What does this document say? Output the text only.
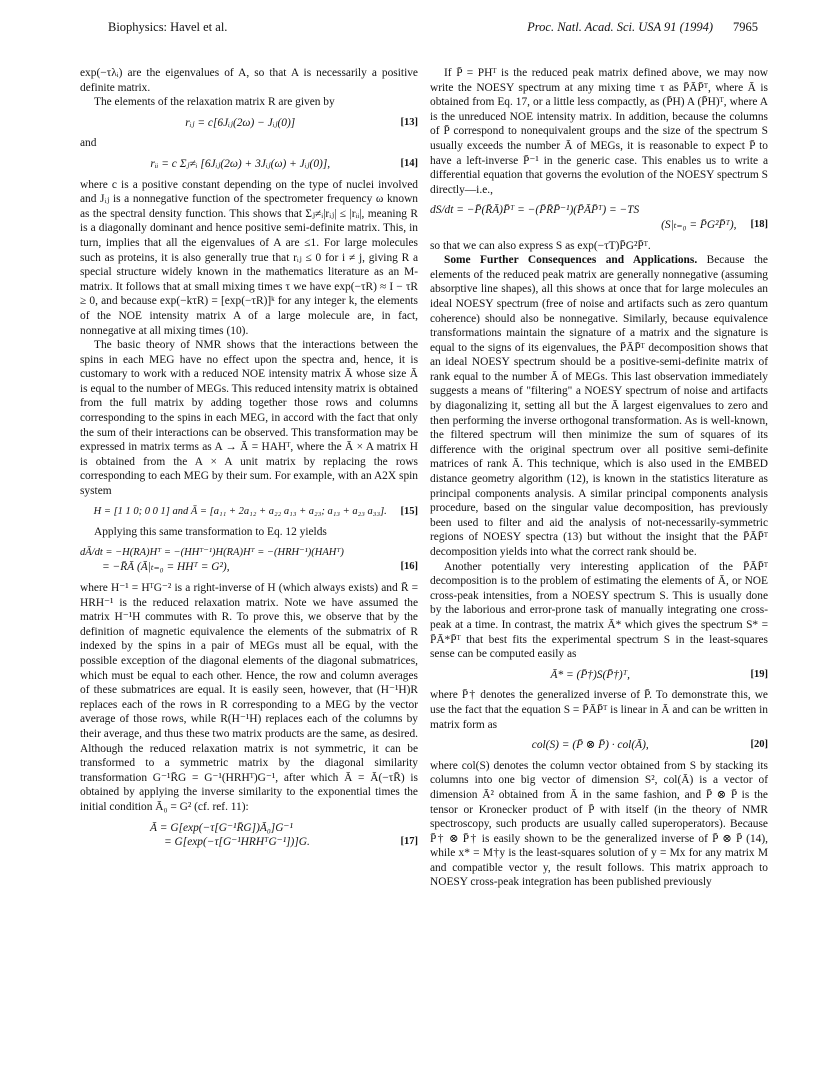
Biophysics: Havel et al.	Proc. Natl. Acad. Sci. USA 91 (1994) 7965

exp(−τλᵢ) are the eigenvalues of A, so that A is necessarily a positive definite matrix.

The elements of the relaxation matrix R are given by

rᵢⱼ = c[6Jᵢⱼ(2ω) − Jᵢⱼ(0)]	[13]

and

rᵢᵢ = c Σⱼ≠ᵢ [6Jᵢⱼ(2ω) + 3Jᵢⱼ(ω) + Jᵢⱼ(0)],	[14]

where c is a positive constant depending on the type of nuclei involved and Jᵢⱼ is a nonnegative function of the spectrometer frequency ω known as the spectral density function. This shows that Σⱼ≠ᵢ|rᵢⱼ| ≤ |rᵢᵢ|, meaning R is a diagonally dominant and hence positive semi-definite matrix. This, in turn, implies that all the eigenvalues of A are ≤1. For large molecules such as proteins, it is also generally true that rᵢⱼ ≤ 0 for i ≠ j, giving R a special structure widely known in the mathematics literature as an M-matrix. It follows that at small mixing times τ we have exp(−τR) ≈ I − τR ≥ 0, and because exp(−kτR) = [exp(−τR)]ᵏ for any integer k, the elements of the NOE intensity matrix A of a large molecule are, in fact, nonnegative at all mixing times (10).

The basic theory of NMR shows that the interactions between the spins in each MEG have no effect upon the spectra and, hence, it is customary to work with a reduced NOE intensity matrix Ā whose size Ā is equal to the number of MEGs. This reduced intensity matrix is obtained from the full matrix by adding together those rows and columns corresponding to the spins in each MEG, in accord with the fact that only the sum of their interactions can be observed. This transformation may be expressed in matrix terms as A → Ā = HAHᵀ, where the Ā × A matrix H is obtained from the A × A unit matrix by replacing the rows corresponding to each MEG by their sum. For example, with an A2X spin system

H = [1 1 0; 0 0 1] and Ā = [a₁₁ + 2a₁₂ + a₂₂ a₁₃ + a₂₃; a₁₃ + a₂₃ a₃₃].	[15]

Applying this same transformation to Eq. 12 yields

dĀ/dt = −H(RA)Hᵀ = −(HHᵀ⁻¹)H(RA)Hᵀ = −(HRH⁻¹)(HAHᵀ)
= −R̄Ā (Ā|ₜ₌₀ = HHᵀ = G²),	[16]

where H⁻¹ = HᵀG⁻² is a right-inverse of H (which always exists) and R̄ = HRH⁻¹ is the reduced relaxation matrix. Note we have assumed the matrix H⁻¹H commutes with R. To prove this, we observe that by the definition of magnetic equivalence the elements of the submatrix of R indexed by the spins in a pair of MEGs must all be equal, with the possible exception of the diagonal elements of the diagonal submatrices, which must be equal to each other. Hence, the row and column averages of these submatrices are equal. It is easily seen, however, that (H⁻¹H)R replaces each of the rows in R corresponding to a MEG by the vector average of those rows, while R(H⁻¹H) replaces each of the columns by their average, and thus these two matrix products are the same, as desired. Although the reduced relaxation matrix is not symmetric, it can be transformed to a symmetric matrix by the diagonal similarity transformation G⁻¹R̄G = G⁻¹(HRHᵀ)G⁻¹, after which Ā = Ā(−τR̄) is obtained by applying the inverse similarity to the exponential times the initial condition Ā₀ = G² (cf. ref. 11):

Ā = G[exp(−τ[G⁻¹R̄G])Ā₀]G⁻¹
= G[exp(−τ[G⁻¹HRHᵀG⁻¹])]G.	[17]

If P̄ = PHᵀ is the reduced peak matrix defined above, we may now write the NOESY spectrum at any mixing time τ as P̄ĀP̄ᵀ, where Ā is obtained from Eq. 17, or a little less compactly, as (P̄H) A (P̄H)ᵀ, where A is the unreduced NOE intensity matrix. In addition, because the columns of P̄ correspond to nonequivalent groups and the size of the spectrum S usually exceeds the number Ā of MEGs, it is reasonable to expect P̄ to have a left-inverse P̄⁻¹ in the generic case. This enables us to write a differential equation that governs the evolution of the NOESY spectrum S directly—i.e.,

dS/dt = −P̄(R̄Ā)P̄ᵀ = −(P̄R̄P̄⁻¹)(P̄ĀP̄ᵀ) = −TS
(S|ₜ₌₀ = P̄G²P̄ᵀ),	[18]

so that we can also express S as exp(−τT)P̄G²P̄ᵀ.

Some Further Consequences and Applications. Because the elements of the reduced peak matrix are generally nonnegative (assuming absorptive line shapes), all this shows at once that for large molecules an ideal NOESY spectrum (free of noise and artifacts such as zero quantum coherence) should also be nonnegative. Similarly, because equivalence transformations maintain the signature of a matrix and the signature is equal to the signs of its eigenvalues, the P̄ĀP̄ᵀ decomposition shows that an ideal NOESY spectrum should be a positive-semi-definite matrix of rank equal to the number Ā of MEGs. This last observation immediately suggests a means of "filtering" a NOESY spectrum of noise and artifacts by diagonalizing it, setting all but the Ā largest eigenvalues to zero and then performing the inverse orthogonal transformation. As is well-known, the filtered spectrum will then minimize the sum of squares of its difference with the original spectrum over all positive semi-definite matrices of rank Ā. This technique, which is also used in the EMBED distance geometry algorithm (12), is known in the statistics literature as principal components analysis. A similar principal components analysis procedure, based on the singular value decomposition, has previously been used to filter and aid the analysis of not-necessarily-symmetric regions of NOESY spectra (13) but without the insight that the P̄ĀP̄ᵀ decomposition yields into what the correct rank should be.

Another potentially very interesting application of the P̄ĀP̄ᵀ decomposition is to the problem of estimating the elements of Ā, or NOE cross-peak intensities, from a NOESY spectrum S. This is usually done by the laborious and error-prone task of manually integrating one cross-peak at a time. In contrast, the matrix Ā* which gives the spectrum S* = P̄Ā*P̄ᵀ that best fits the experimental spectrum S in the least-squares sense can be computed easily as

Ā* = (P̄†)S(P̄†)ᵀ,	[19]

where P̄† denotes the generalized inverse of P̄. To demonstrate this, we use the fact that the equation S = P̄ĀP̄ᵀ is linear in Ā and can be written in matrix form as

col(S) = (P̄ ⊗ P̄) · col(Ā),	[20]

where col(S) denotes the column vector obtained from S by stacking its columns into one big vector of dimension S², col(Ā) is a vector of dimension Ā² obtained from Ā in the same fashion, and P̄ ⊗ P̄ is the tensor or Kronecker product of P̄ with itself (in the theory of NMR spectroscopy, such products are usually called superoperators). Because P̄† ⊗ P̄† is easily shown to be the generalized inverse of P̄ ⊗ P̄ (14), while x* = M†y is the least-squares solution of y = Mx for any matrix M and compatible vector y, the result follows. This matrix approach to NOESY cross-peak integration has been published previously
